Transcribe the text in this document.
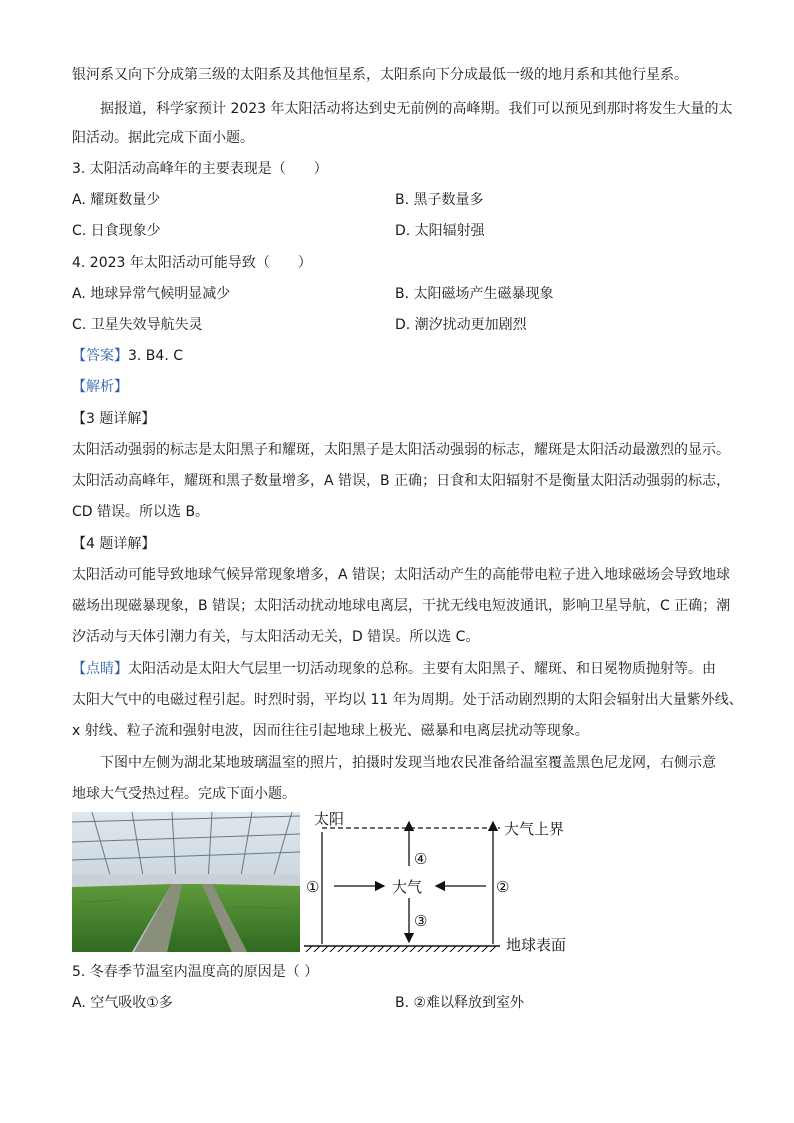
银河系又向下分成第三级的太阳系及其他恒星系，太阳系向下分成最低一级的地月系和其他行星系。
据报道，科学家预计 2023 年太阳活动将达到史无前例的高峰期。我们可以预见到那时将发生大量的太
阳活动。据此完成下面小题。
3. 太阳活动高峰年的主要表现是（　　）
A. 耀斑数量少	B. 黑子数量多
C. 日食现象少	D. 太阳辐射强
4. 2023 年太阳活动可能导致（　　）
A. 地球异常气候明显减少	B. 太阳磁场产生磁暴现象
C. 卫星失效导航失灵	D. 潮汐扰动更加剧烈
【答案】3. B4. C
【解析】
【3 题详解】
太阳活动强弱的标志是太阳黑子和耀斑，太阳黑子是太阳活动强弱的标志，耀斑是太阳活动最激烈的显示。
太阳活动高峰年，耀斑和黑子数量增多，A 错误，B 正确；日食和太阳辐射不是衡量太阳活动强弱的标志，
CD 错误。所以选 B。
【4 题详解】
太阳活动可能导致地球气候异常现象增多，A 错误；太阳活动产生的高能带电粒子进入地球磁场会导致地球
磁场出现磁暴现象，B 错误；太阳活动扰动地球电离层，干扰无线电短波通讯，影响卫星导航，C 正确；潮
汐活动与天体引潮力有关，与太阳活动无关，D 错误。所以选 C。
【点睛】太阳活动是太阳大气层里一切活动现象的总称。主要有太阳黑子、耀斑、和日冕物质抛射等。由
太阳大气中的电磁过程引起。时烈时弱，平均以 11 年为周期。处于活动剧烈期的太阳会辐射出大量紫外线、
x 射线、粒子流和强射电波，因而往往引起地球上极光、磁暴和电离层扰动等现象。
下图中左侧为湖北某地玻璃温室的照片，拍摄时发现当地农民准备给温室覆盖黑色尼龙网，右侧示意
地球大气受热过程。完成下面小题。
太阳
大气上界
①	②
④
③
大气
地球表面
5. 冬春季节温室内温度高的原因是（ ）
A. 空气吸收①多	B. ②难以释放到室外
